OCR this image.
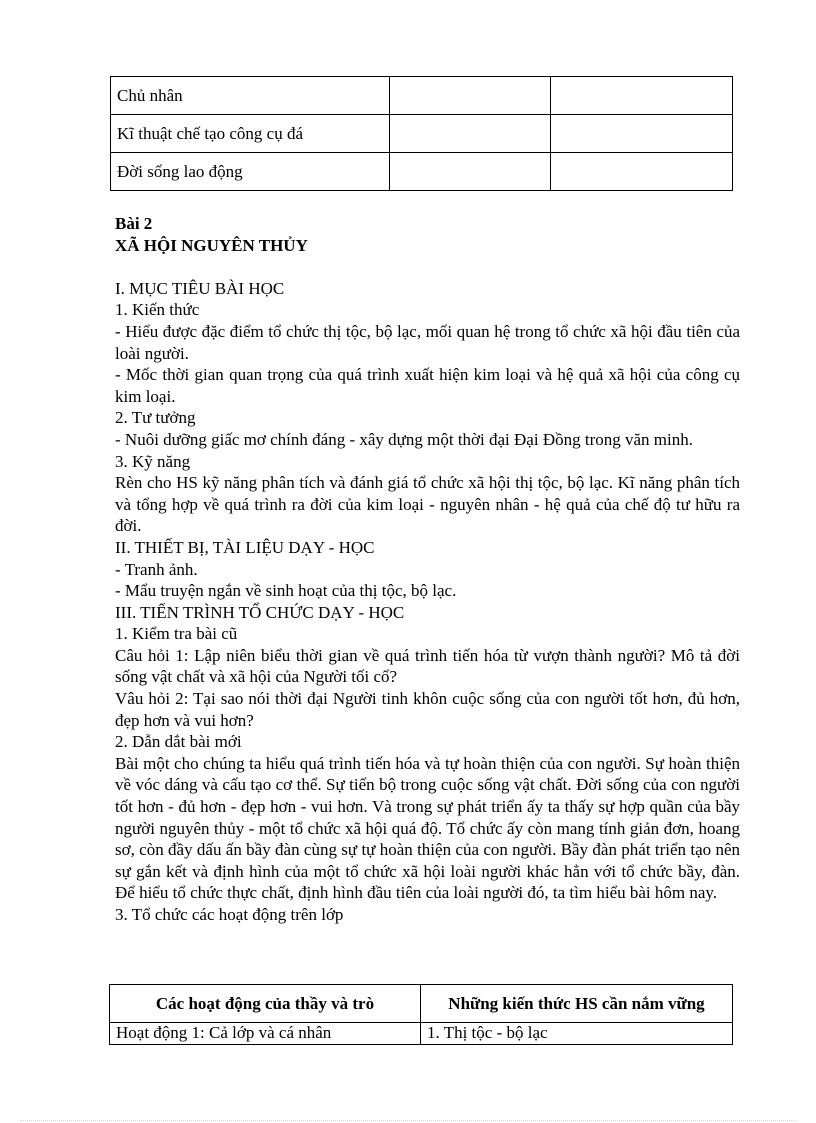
Chủ nhân		
Kĩ thuật chế tạo công cụ đá		
Đời sống lao động		

Bài 2

XÃ HỘI NGUYÊN THỦY

I. MỤC TIÊU BÀI HỌC

1. Kiến thức

- Hiểu được đặc điểm tổ chức thị tộc, bộ lạc, mối quan hệ trong tổ chức xã hội đầu tiên của loài người.

- Mốc thời gian quan trọng của quá trình xuất hiện kim loại và hệ quả xã hội của công cụ kim loại.

2. Tư tưởng

- Nuôi dưỡng giấc mơ chính đáng - xây dựng một thời đại Đại Đồng trong văn minh.

3. Kỹ năng

Rèn cho HS kỹ năng phân tích và đánh giá tổ chức xã hội thị tộc, bộ lạc. Kĩ năng phân tích và tổng hợp về quá trình ra đời của kim loại - nguyên nhân - hệ quả của chế độ tư hữu ra đời.

II. THIẾT BỊ, TÀI LIỆU DẠY - HỌC

- Tranh ảnh.

- Mẩu truyện ngắn về sinh hoạt của thị tộc, bộ lạc.

III. TIẾN TRÌNH TỔ CHỨC DẠY - HỌC

1. Kiểm tra bài cũ

Câu hỏi 1: Lập niên biểu thời gian về quá trình tiến hóa từ vượn thành người? Mô tả đời sống vật chất và xã hội của Người tối cổ?

Vâu hỏi 2: Tại sao nói thời đại Người tinh khôn cuộc sống của con người tốt hơn, đủ hơn, đẹp hơn và vui hơn?

2. Dẫn dắt bài mới

Bài một cho chúng ta hiểu quá trình tiến hóa và tự hoàn thiện của con người. Sự hoàn thiện về vóc dáng và cấu tạo cơ thể. Sự tiến bộ trong cuộc sống vật chất. Đời sống của con người tốt hơn - đủ hơn - đẹp hơn - vui hơn. Và trong sự phát triển ấy ta thấy sự hợp quần của bầy người nguyên thủy - một tổ chức xã hội quá độ. Tổ chức ấy còn mang tính giản đơn, hoang sơ, còn đầy dấu ấn bầy đàn cùng sự tự hoàn thiện của con người. Bầy đàn phát triển tạo nên sự gắn kết và định hình của một tổ chức xã hội loài người khác hẳn với tổ chức bầy, đàn. Để hiểu tổ chức thực chất, định hình đầu tiên của loài người đó, ta tìm hiểu bài hôm nay.

3. Tổ chức các hoạt động trên lớp

Các hoạt động của thầy và trò	Những kiến thức HS cần nắm vững
Hoạt động 1: Cả lớp và cá nhân	1. Thị tộc - bộ lạc
